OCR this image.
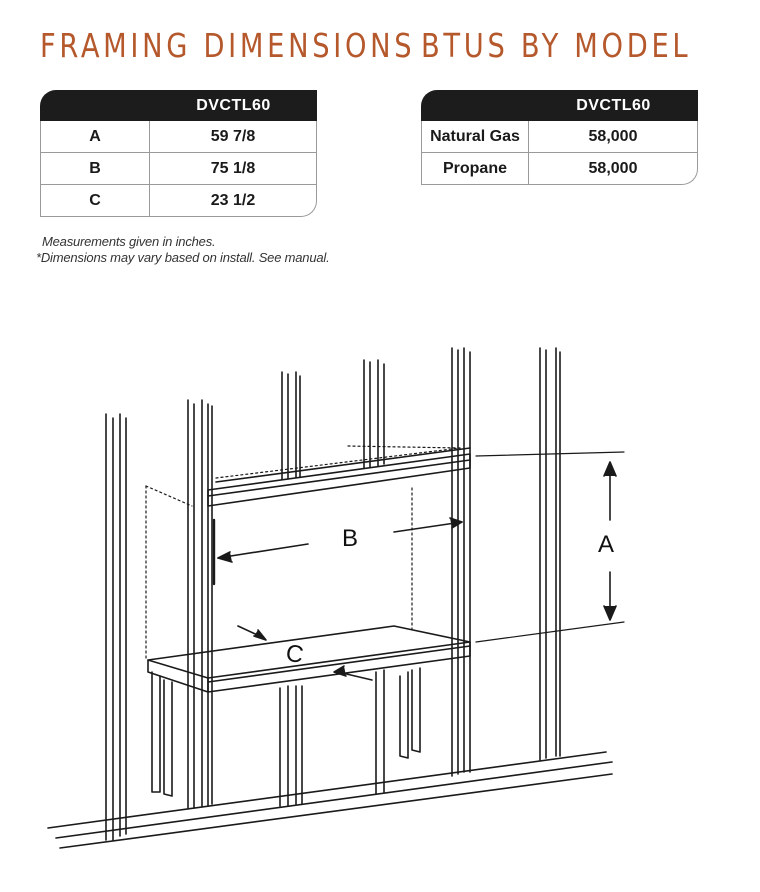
FRAMING DIMENSIONS BTUS BY MODEL
	DVCTL60
A	59 7/8
B	75 1/8
C	23 1/2
	DVCTL60
Natural Gas	58,000
Propane	58,000
Measurements given in inches.
*Dimensions may vary based on install. See manual.
A
B
C
